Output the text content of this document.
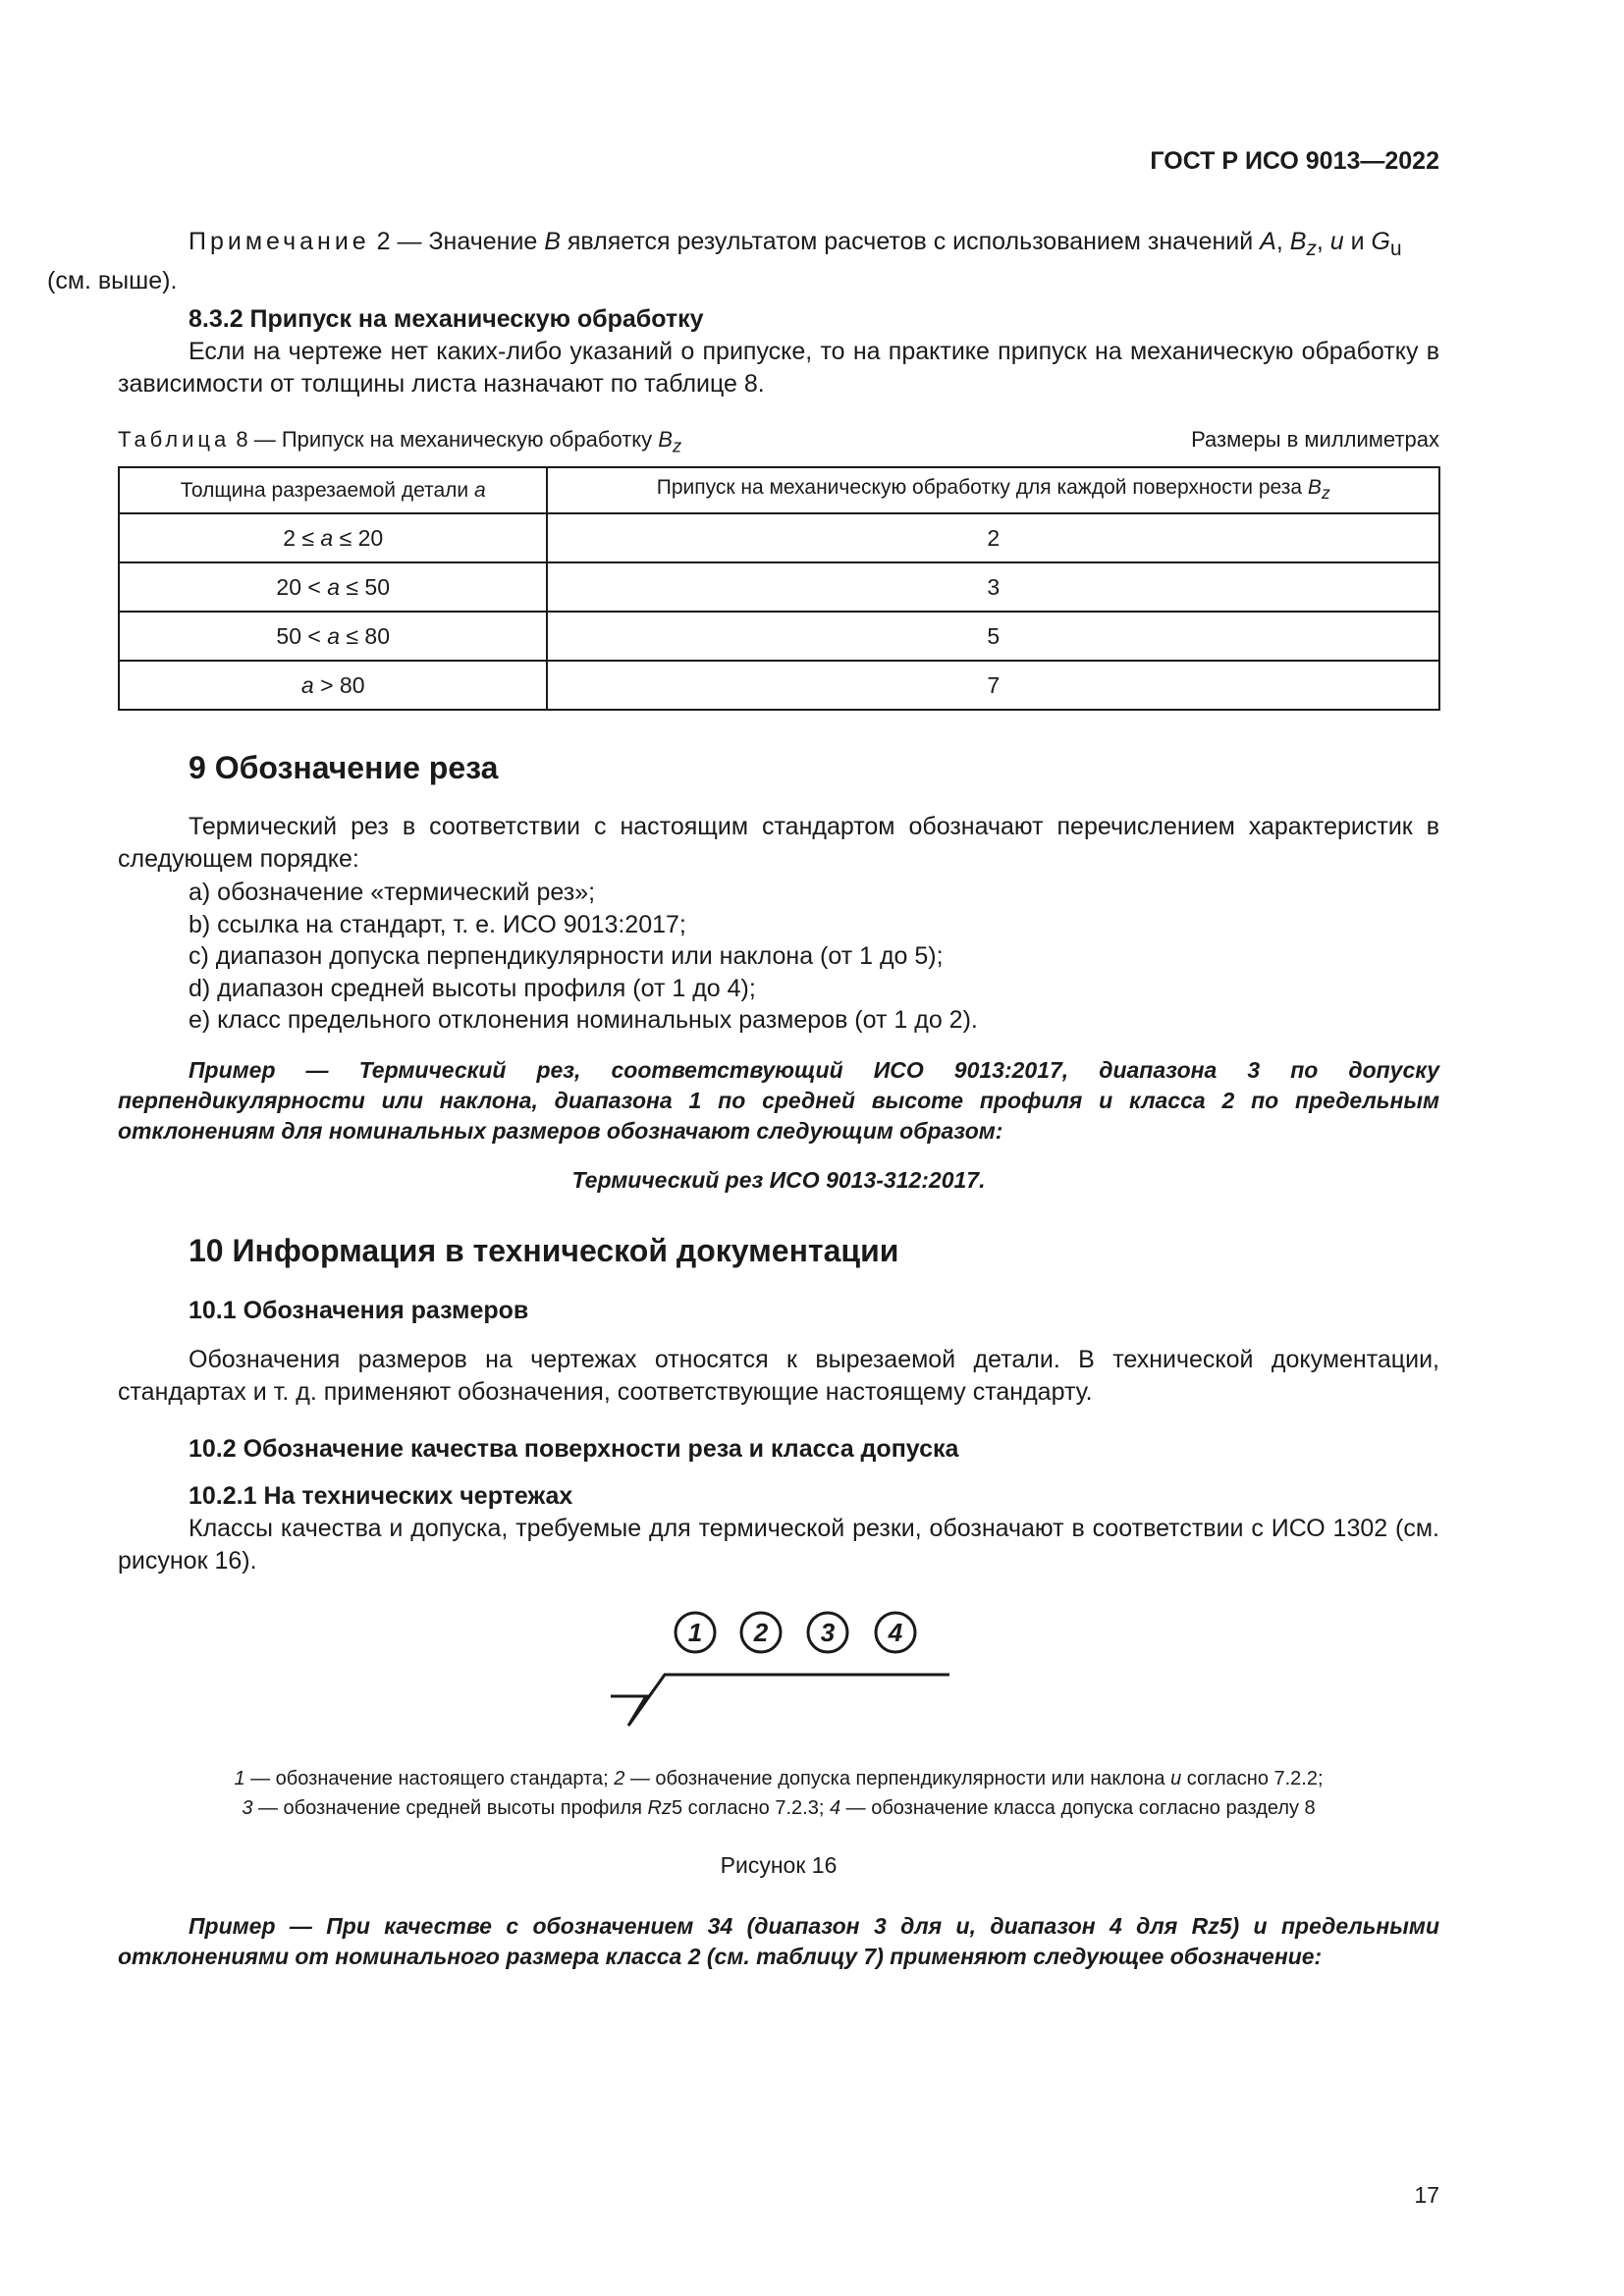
ГОСТ Р ИСО 9013—2022
Примечание 2 — Значение B является результатом расчетов с использованием значений A, $B_z$, u и $G_u$
(см. выше).
8.3.2 Припуск на механическую обработку
Если на чертеже нет каких-либо указаний о припуске, то на практике припуск на механическую обработку в зависимости от толщины листа назначают по таблице 8.
Таблица 8 — Припуск на механическую обработку $B_z$	Размеры в миллиметрах
Толщина разрезаемой детали a	Припуск на механическую обработку для каждой поверхности реза $B_z$
2 ≤ a ≤ 20	2
20 < a ≤ 50	3
50 < a ≤ 80	5
a > 80	7
9 Обозначение реза
Термический рез в соответствии с настоящим стандартом обозначают перечислением характеристик в следующем порядке:
a) обозначение «термический рез»;
b) ссылка на стандарт, т. е. ИСО 9013:2017;
c) диапазон допуска перпендикулярности или наклона (от 1 до 5);
d) диапазон средней высоты профиля (от 1 до 4);
e) класс предельного отклонения номинальных размеров (от 1 до 2).
Пример — Термический рез, соответствующий ИСО 9013:2017, диапазона 3 по допуску перпендикулярности или наклона, диапазона 1 по средней высоте профиля и класса 2 по предельным отклонениям для номинальных размеров обозначают следующим образом:
Термический рез ИСО 9013-312:2017.
10 Информация в технической документации
10.1 Обозначения размеров
Обозначения размеров на чертежах относятся к вырезаемой детали. В технической документации, стандартах и т. д. применяют обозначения, соответствующие настоящему стандарту.
10.2 Обозначение качества поверхности реза и класса допуска
10.2.1 На технических чертежах
Классы качества и допуска, требуемые для термической резки, обозначают в соответствии с ИСО 1302 (см. рисунок 16).
1 2 3 4
1 — обозначение настоящего стандарта; 2 — обозначение допуска перпендикулярности или наклона u согласно 7.2.2;
3 — обозначение средней высоты профиля Rz5 согласно 7.2.3; 4 — обозначение класса допуска согласно разделу 8
Рисунок 16
Пример — При качестве с обозначением 34 (диапазон 3 для u, диапазон 4 для Rz5) и предельными отклонениями от номинального размера класса 2 (см. таблицу 7) применяют следующее обозначение:
17
